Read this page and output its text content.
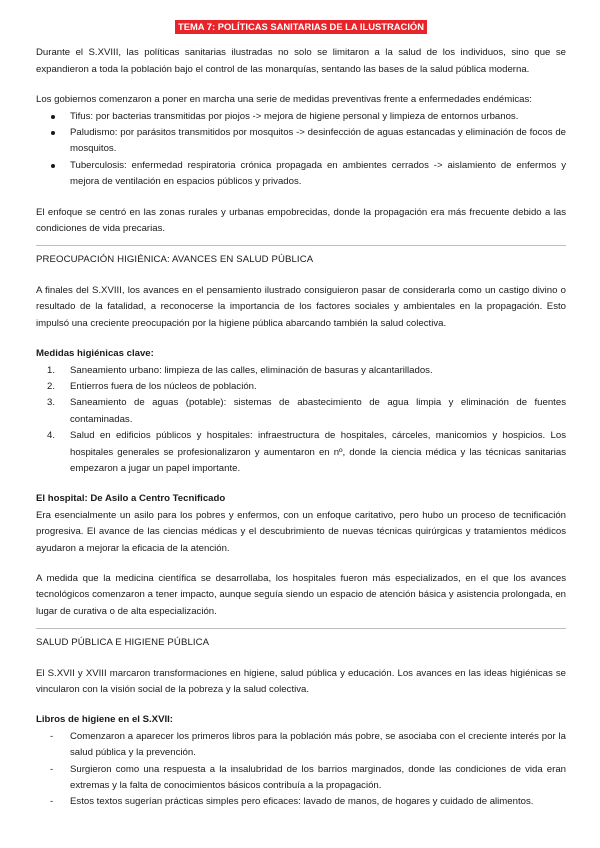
TEMA 7: POLÍTICAS SANITARIAS DE LA ILUSTRACIÓN

Durante el S.XVIII, las políticas sanitarias ilustradas no solo se limitaron a la salud de los individuos, sino que se expandieron a toda la población bajo el control de las monarquías, sentando las bases de la salud pública moderna.

Los gobiernos comenzaron a poner en marcha una serie de medidas preventivas frente a enfermedades endémicas:

Tifus: por bacterias transmitidas por piojos -> mejora de higiene personal y limpieza de entornos urbanos.
Paludismo: por parásitos transmitidos por mosquitos -> desinfección de aguas estancadas y eliminación de focos de mosquitos.
Tuberculosis: enfermedad respiratoria crónica propagada en ambientes cerrados -> aislamiento de enfermos y mejora de ventilación en espacios públicos y privados.

El enfoque se centró en las zonas rurales y urbanas empobrecidas, donde la propagación era más frecuente debido a las condiciones de vida precarias.

PREOCUPACIÓN HIGIÉNICA: AVANCES EN SALUD PÚBLICA

A finales del S.XVIII, los avances en el pensamiento ilustrado consiguieron pasar de considerarla como un castigo divino o resultado de la fatalidad, a reconocerse la importancia de los factores sociales y ambientales en la propagación. Esto impulsó una creciente preocupación por la higiene pública abarcando también la salud colectiva.

Medidas higiénicas clave:
1. Saneamiento urbano: limpieza de las calles, eliminación de basuras y alcantarillados.
2. Entierros fuera de los núcleos de población.
3. Saneamiento de aguas (potable): sistemas de abastecimiento de agua limpia y eliminación de fuentes contaminadas.
4. Salud en edificios públicos y hospitales: infraestructura de hospitales, cárceles, manicomios y hospicios. Los hospitales generales se profesionalizaron y aumentaron en nº, donde la ciencia médica y las técnicas sanitarias empezaron a jugar un papel importante.
El hospital: De Asilo a Centro Tecnificado

Era esencialmente un asilo para los pobres y enfermos, con un enfoque caritativo, pero hubo un proceso de tecnificación progresiva. El avance de las ciencias médicas y el descubrimiento de nuevas técnicas quirúrgicas y tratamientos médicos ayudaron a mejorar la eficacia de la atención.

A medida que la medicina científica se desarrollaba, los hospitales fueron más especializados, en el que los avances tecnológicos comenzaron a tener impacto, aunque seguía siendo un espacio de atención básica y asistencia prolongada, en lugar de curativa o de alta especialización.

SALUD PÚBLICA E HIGIENE PÚBLICA

El S.XVII y XVIII marcaron transformaciones en higiene, salud pública y educación. Los avances en las ideas higiénicas se vincularon con la visión social de la pobreza y la salud colectiva.

Libros de higiene en el S.XVII:
- Comenzaron a aparecer los primeros libros para la población más pobre, se asociaba con el creciente interés por la salud pública y la prevención.
- Surgieron como una respuesta a la insalubridad de los barrios marginados, donde las condiciones de vida eran extremas y la falta de conocimientos básicos contribuía a la propagación.
- Estos textos sugerían prácticas simples pero eficaces: lavado de manos, de hogares y cuidado de alimentos.
